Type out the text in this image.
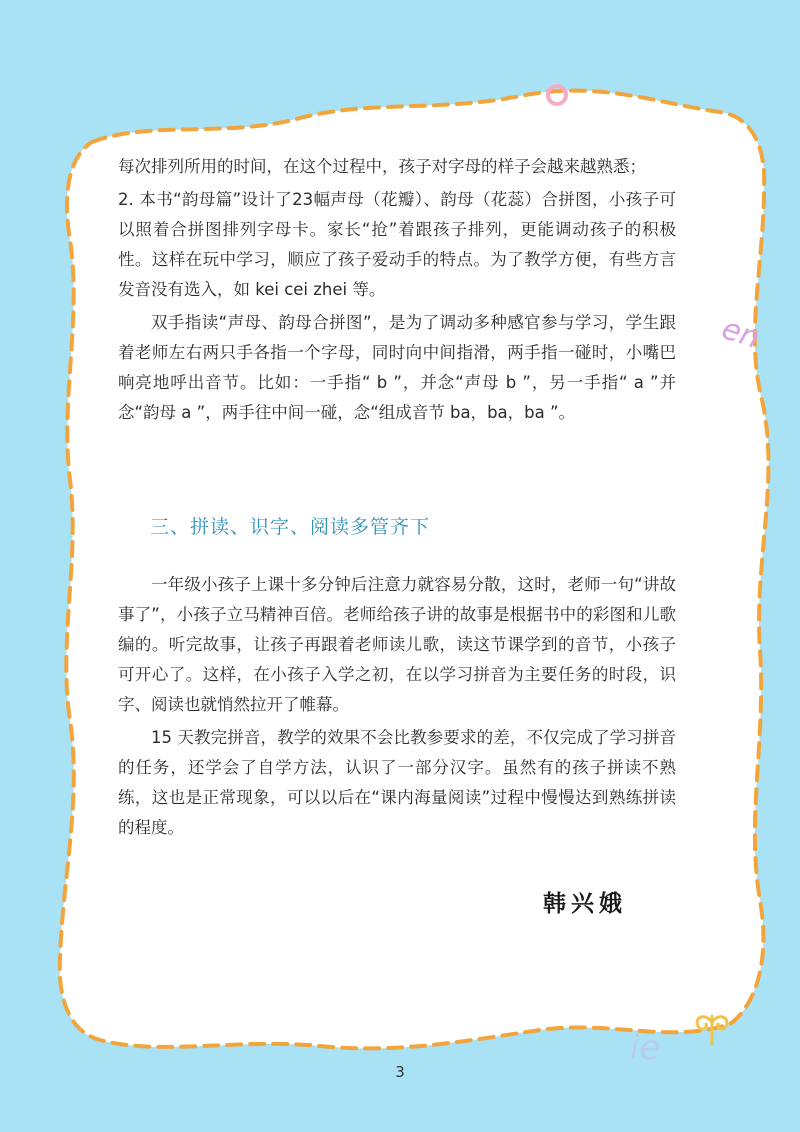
en
ie

每次排列所用的时间，在这个过程中，孩子对字母的样子会越来越熟悉；

2. 本书“韵母篇”设计了23幅声母（花瓣）、韵母（花蕊）合拼图，小孩子可以照着合拼图排列字母卡。家长“抢”着跟孩子排列，更能调动孩子的积极性。这样在玩中学习，顺应了孩子爱动手的特点。为了教学方便，有些方言发音没有选入，如 kei cei zhei 等。

双手指读“声母、韵母合拼图”，是为了调动多种感官参与学习，学生跟着老师左右两只手各指一个字母，同时向中间指滑，两手指一碰时，小嘴巴响亮地呼出音节。比如：一手指“ b ”，并念“声母 b ”，另一手指“ a ”并念“韵母 a ”，两手往中间一碰，念“组成音节 ba，ba，ba ”。

三、拼读、识字、阅读多管齐下

一年级小孩子上课十多分钟后注意力就容易分散，这时，老师一句“讲故事了”，小孩子立马精神百倍。老师给孩子讲的故事是根据书中的彩图和儿歌编的。听完故事，让孩子再跟着老师读儿歌，读这节课学到的音节，小孩子可开心了。这样，在小孩子入学之初，在以学习拼音为主要任务的时段，识字、阅读也就悄然拉开了帷幕。

15 天教完拼音，教学的效果不会比教参要求的差，不仅完成了学习拼音的任务，还学会了自学方法，认识了一部分汉字。虽然有的孩子拼读不熟练，这也是正常现象，可以以后在“课内海量阅读”过程中慢慢达到熟练拼读的程度。

韩兴娥
3
